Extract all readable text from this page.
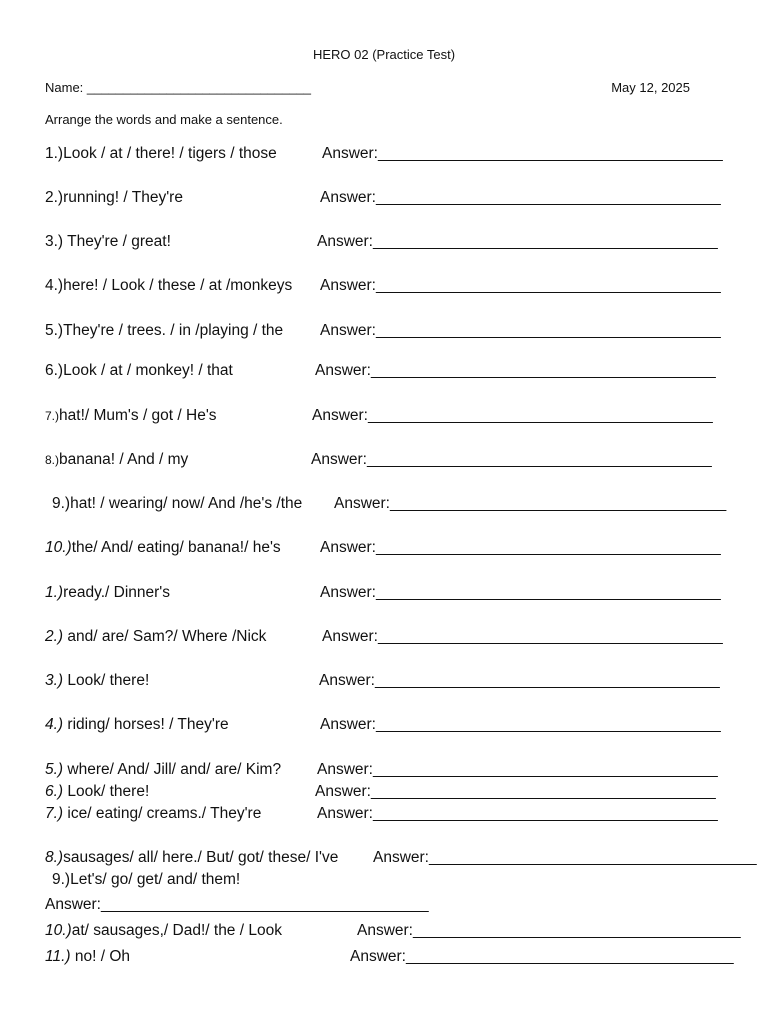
HERO 02 (Practice Test)
Name: _______________________________	May 12, 2025
Arrange the words and make a sentence.
1.)Look / at / there! / tigers / those	Answer:________________________________________
2.)running! / They're	Answer:________________________________________
3.) They're / great!	Answer:________________________________________
4.)here! / Look / these / at /monkeys Answer:________________________________________
5.)They're / trees. / in /playing / the Answer:________________________________________
6.)Look / at / monkey! / that	Answer:________________________________________
7.)hat!/ Mum's / got / He's	Answer:________________________________________
8.)banana! / And / my	Answer:________________________________________
9.)hat! / wearing/ now/ And /he's /the Answer:_______________________________________
10.)the/ And/ eating/ banana!/ he's	Answer:________________________________________
1.)ready./ Dinner's	Answer:________________________________________
2.) and/ are/ Sam?/ Where /Nick	Answer:________________________________________
3.) Look/ there!	Answer:________________________________________
4.) riding/ horses! / They're	Answer:________________________________________
5.) where/ And/ Jill/ and/ are/ Kim? Answer:________________________________________
6.) Look/ there!	Answer:________________________________________
7.) ice/ eating/ creams./ They're	Answer:________________________________________
8.)sausages/ all/ here./ But/ got/ these/ I've Answer:______________________________________
9.)Let's/ go/ get/ and/ them!
Answer:______________________________________
10.)at/ sausages,/ Dad!/ the / Look	Answer:______________________________________
11.) no! / Oh	Answer:______________________________________
